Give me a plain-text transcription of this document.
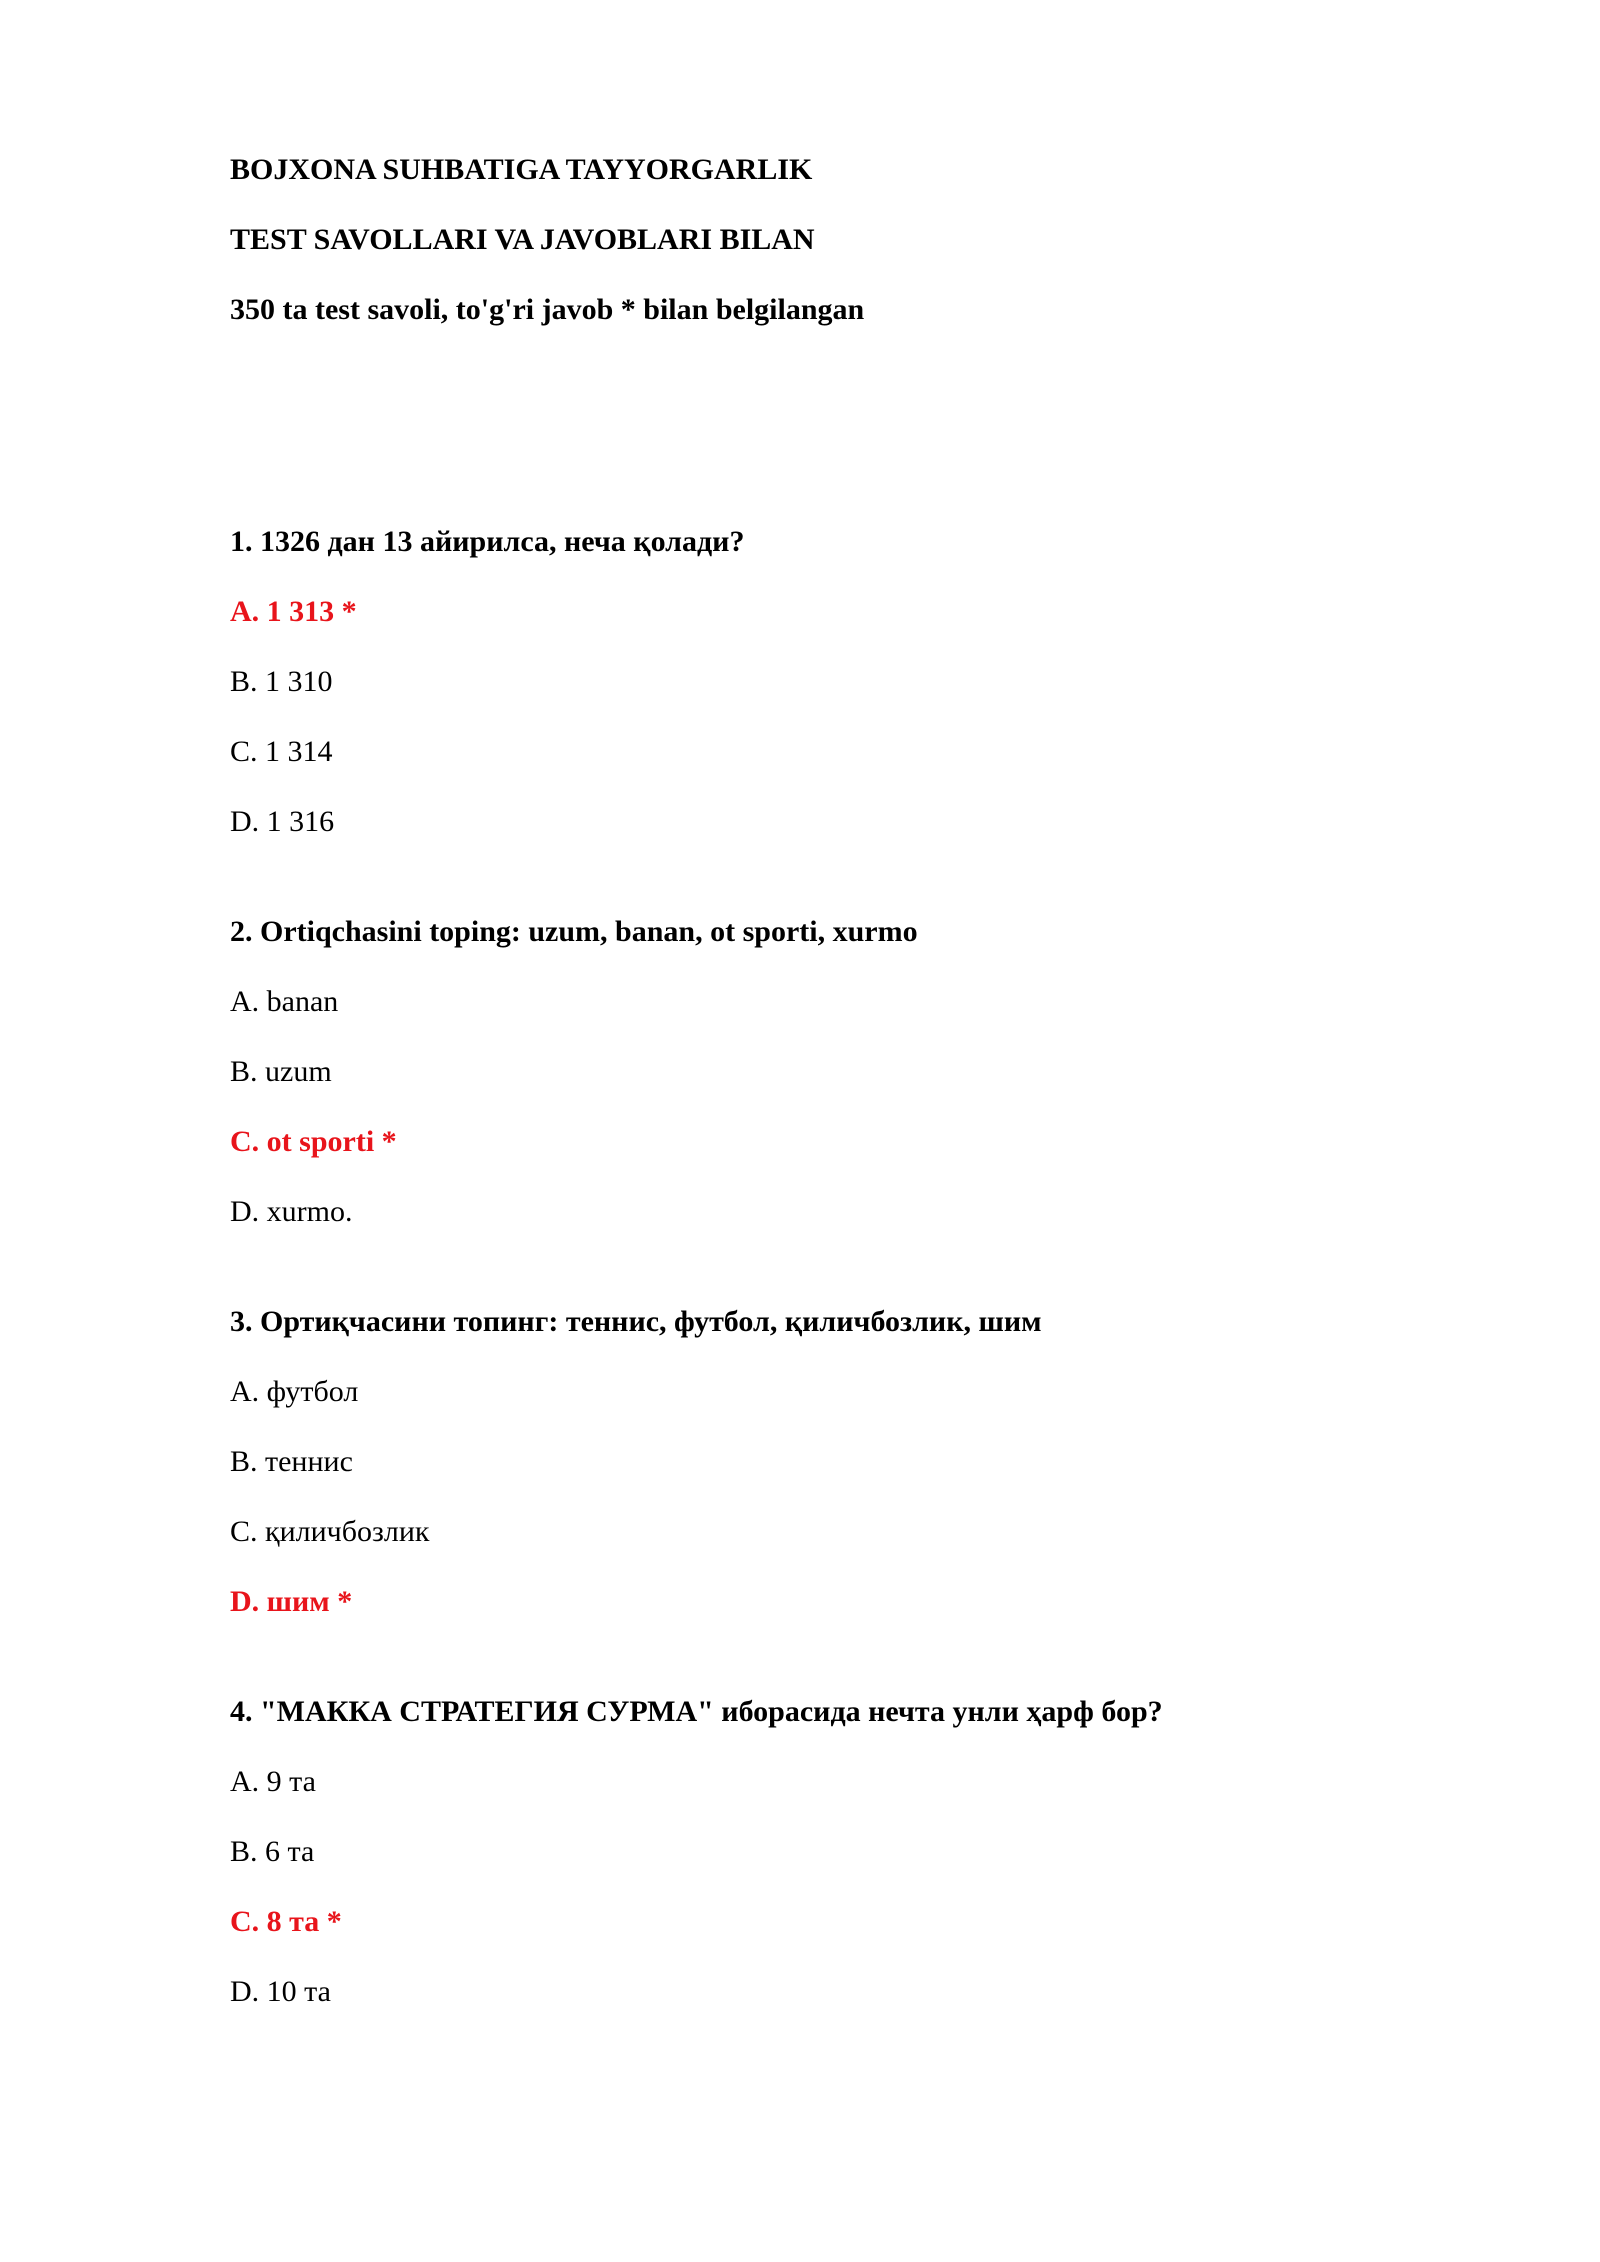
BOJXONA SUHBATIGA TAYYORGARLIK
TEST SAVOLLARI VA JAVOBLARI BILAN
350 ta test savoli, to'g'ri javob * bilan belgilangan
1. 1326 дан 13 айирилса, неча қолади?
A. 1 313 *
B. 1 310
C. 1 314
D. 1 316
2. Ortiqchasini toping: uzum, banan, ot sporti, xurmo
A. banan
B. uzum
C. ot sporti *
D. xurmo.
3. Ортиқчасини топинг: теннис, футбол, қиличбозлик, шим
A. футбол
B. теннис
C. қиличбозлик
D. шим *
4. "МАККА СТРАТЕГИЯ СУРМА" иборасида нечта унли ҳарф бор?
A. 9 та
B. 6 та
C. 8 та *
D. 10 та
